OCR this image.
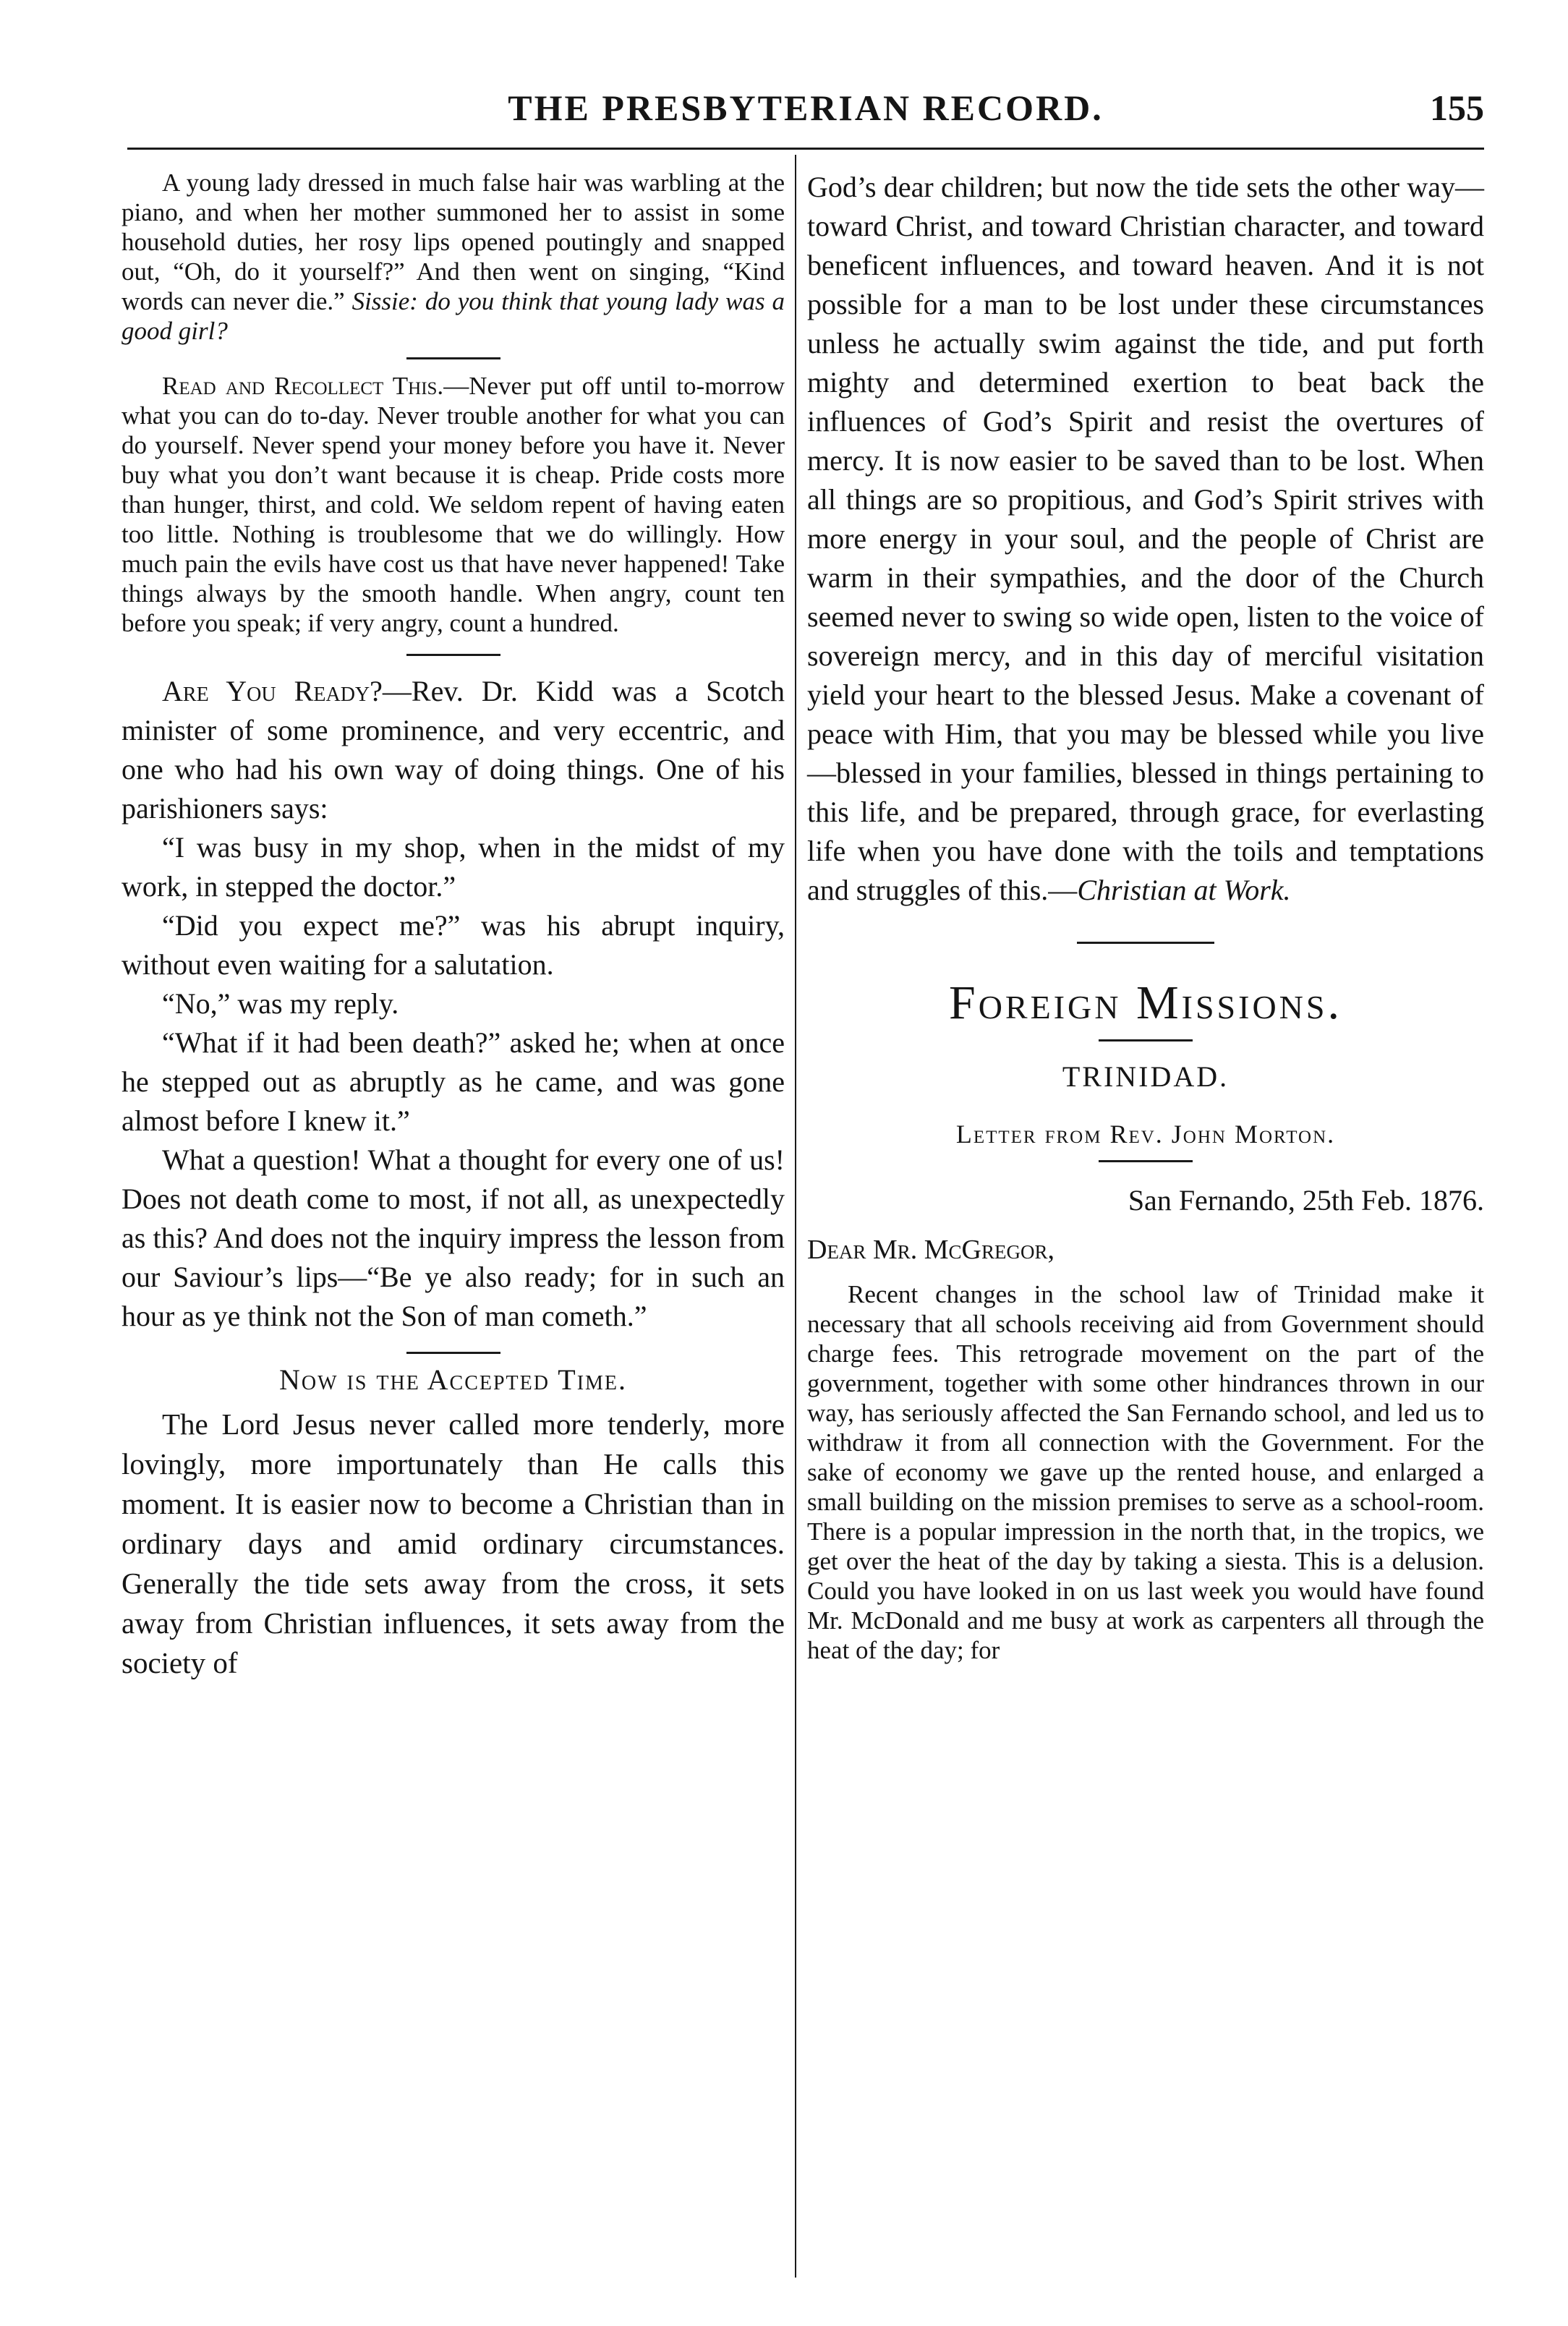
THE PRESBYTERIAN RECORD.	155

A young lady dressed in much false hair was warbling at the piano, and when her mother summoned her to assist in some household duties, her rosy lips opened poutingly and snapped out, “Oh, do it yourself?” And then went on singing, “Kind words can never die.” Sissie: do you think that young lady was a good girl?

Read and Recollect This.—Never put off until to-morrow what you can do to-day. Never trouble another for what you can do yourself. Never spend your money before you have it. Never buy what you don’t want because it is cheap. Pride costs more than hunger, thirst, and cold. We seldom repent of having eaten too little. Nothing is troublesome that we do willingly. How much pain the evils have cost us that have never happened! Take things always by the smooth handle. When angry, count ten before you speak; if very angry, count a hundred.

Are You Ready?—Rev. Dr. Kidd was a Scotch minister of some prominence, and very eccentric, and one who had his own way of doing things. One of his parishioners says:

“I was busy in my shop, when in the midst of my work, in stepped the doctor.”

“Did you expect me?” was his abrupt inquiry, without even waiting for a salutation.

“No,” was my reply.

“What if it had been death?” asked he; when at once he stepped out as abruptly as he came, and was gone almost before I knew it.”

What a question! What a thought for every one of us! Does not death come to most, if not all, as unexpectedly as this? And does not the inquiry impress the lesson from our Saviour’s lips—“Be ye also ready; for in such an hour as ye think not the Son of man cometh.”

Now is the Accepted Time.

The Lord Jesus never called more tenderly, more lovingly, more importunately than He calls this moment. It is easier now to become a Christian than in ordinary days and amid ordinary circumstances. Generally the tide sets away from the cross, it sets away from Christian influences, it sets away from the society of

God’s dear children; but now the tide sets the other way—toward Christ, and toward Christian character, and toward beneficent influences, and toward heaven. And it is not possible for a man to be lost under these circumstances unless he actually swim against the tide, and put forth mighty and determined exertion to beat back the influences of God’s Spirit and resist the overtures of mercy. It is now easier to be saved than to be lost. When all things are so propitious, and God’s Spirit strives with more energy in your soul, and the people of Christ are warm in their sympathies, and the door of the Church seemed never to swing so wide open, listen to the voice of sovereign mercy, and in this day of merciful visitation yield your heart to the blessed Jesus. Make a covenant of peace with Him, that you may be blessed while you live—blessed in your families, blessed in things pertaining to this life, and be prepared, through grace, for everlasting life when you have done with the toils and temptations and struggles of this.—Christian at Work.

Foreign Missions.
TRINIDAD.
Letter from Rev. John Morton.
San Fernando, 25th Feb. 1876.
Dear Mr. McGregor,

Recent changes in the school law of Trinidad make it necessary that all schools receiving aid from Government should charge fees. This retrograde movement on the part of the government, together with some other hindrances thrown in our way, has seriously affected the San Fernando school, and led us to withdraw it from all connection with the Government. For the sake of economy we gave up the rented house, and enlarged a small building on the mission premises to serve as a school-room. There is a popular impression in the north that, in the tropics, we get over the heat of the day by taking a siesta. This is a delusion. Could you have looked in on us last week you would have found Mr. McDonald and me busy at work as carpenters all through the heat of the day; for
